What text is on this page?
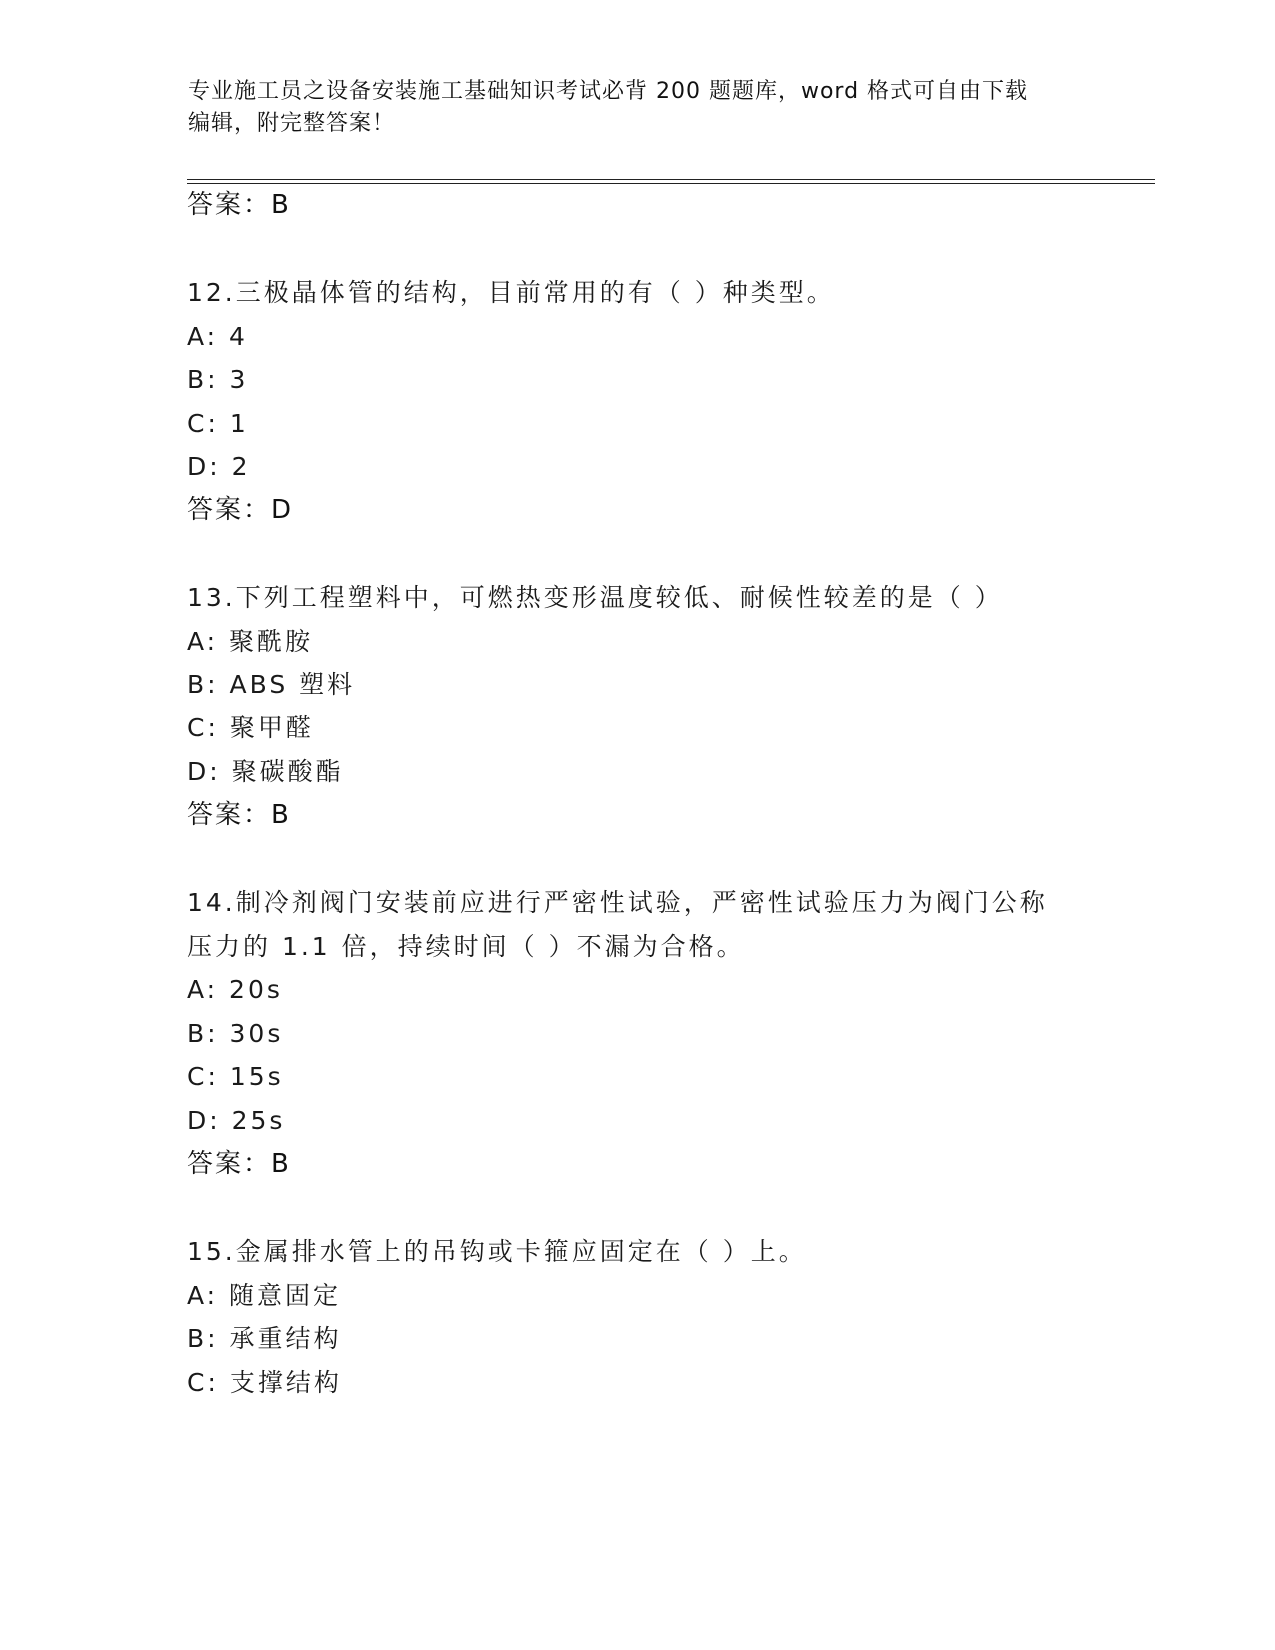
专业施工员之设备安装施工基础知识考试必背 200 题题库，word 格式可自由下载
编辑，附完整答案！
答案：B
12.三极晶体管的结构，目前常用的有（ ）种类型。
A: 4
B: 3
C: 1
D: 2
答案：D
13.下列工程塑料中，可燃热变形温度较低、耐候性较差的是（ ）
A: 聚酰胺
B: ABS 塑料
C: 聚甲醛
D: 聚碳酸酯
答案：B
14.制冷剂阀门安装前应进行严密性试验，严密性试验压力为阀门公称
压力的 1.1 倍，持续时间（ ）不漏为合格。
A: 20s
B: 30s
C: 15s
D: 25s
答案：B
15.金属排水管上的吊钩或卡箍应固定在（ ）上。
A: 随意固定
B: 承重结构
C: 支撑结构
